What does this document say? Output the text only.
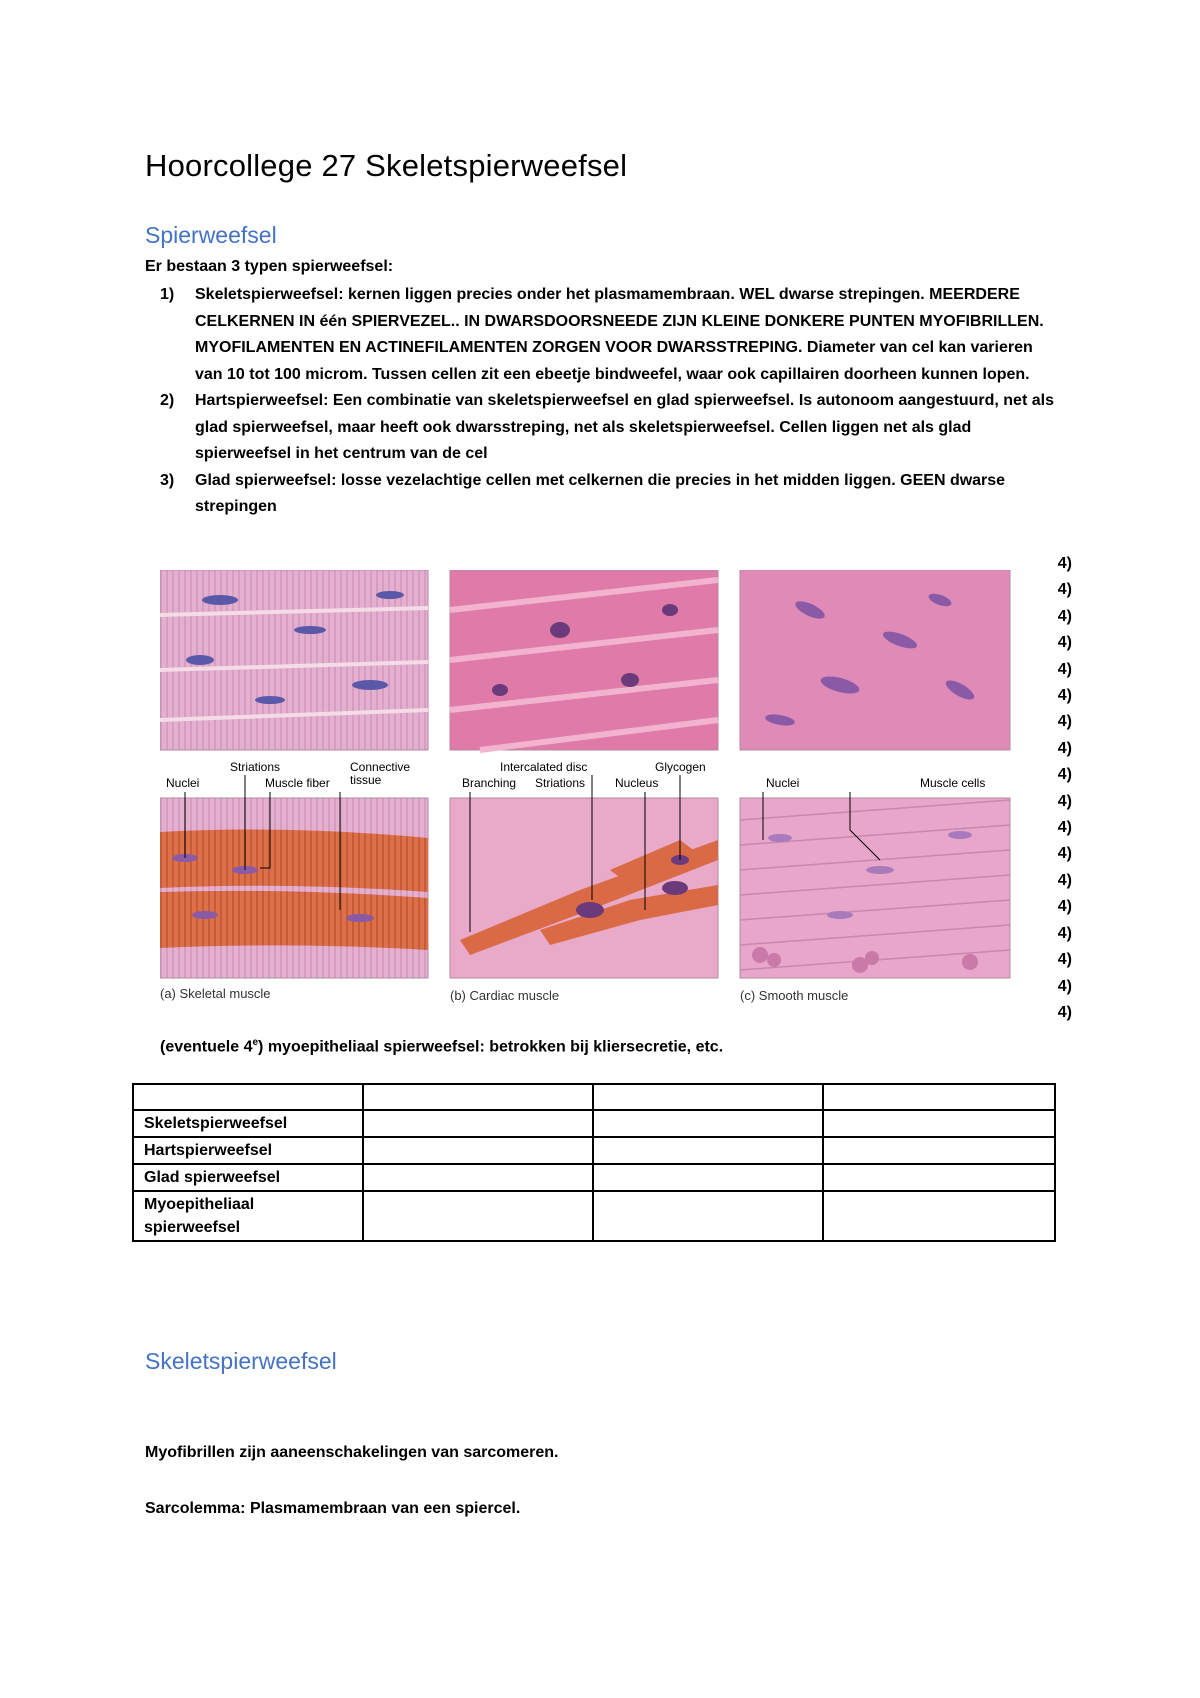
Hoorcollege 27 Skeletspierweefsel
Spierweefsel
Er bestaan 3 typen spierweefsel:
1) Skeletspierweefsel: kernen liggen precies onder het plasmamembraan. WEL dwarse strepingen. MEERDERE CELKERNEN IN één SPIERVEZEL.. IN DWARSDOORSNEEDE ZIJN KLEINE DONKERE PUNTEN MYOFIBRILLEN. MYOFILAMENTEN EN ACTINEFILAMENTEN ZORGEN VOOR DWARSSTREPING. Diameter van cel kan varieren van 10 tot 100 microm. Tussen cellen zit een ebeetje bindweefel, waar ook capillairen doorheen kunnen lopen.
2) Hartspierweefsel: Een combinatie van skeletspierweefsel en glad spierweefsel. Is autonoom aangestuurd, net als glad spierweefsel, maar heeft ook dwarsstreping, net als skeletspierweefsel. Cellen liggen net als glad spierweefsel in het centrum van de cel
3) Glad spierweefsel: losse vezelachtige cellen met celkernen die precies in het midden liggen. GEEN dwarse strepingen
4)
4)
4)
4)
4)
4)
4)
4)
4)
4)
4)
4)
4)
4)
4)
4)
4)
4)
Nuclei
Striations
Muscle fiber
Connective
tissue
Intercalated disc	Glycogen
Branching Striations Nucleus	Nuclei	Muscle cells
(a) Skeletal muscle	(b) Cardiac muscle	(c) Smooth muscle
(eventuele 4e) myoepitheliaal spierweefsel: betrokken bij kliersecretie, etc.

Skeletspierweefsel			
Hartspierweefsel			
Glad spierweefsel			
Myoepitheliaal spierweefsel			
Skeletspierweefsel
Myofibrillen zijn aaneenschakelingen van sarcomeren.
Sarcolemma: Plasmamembraan van een spiercel.
